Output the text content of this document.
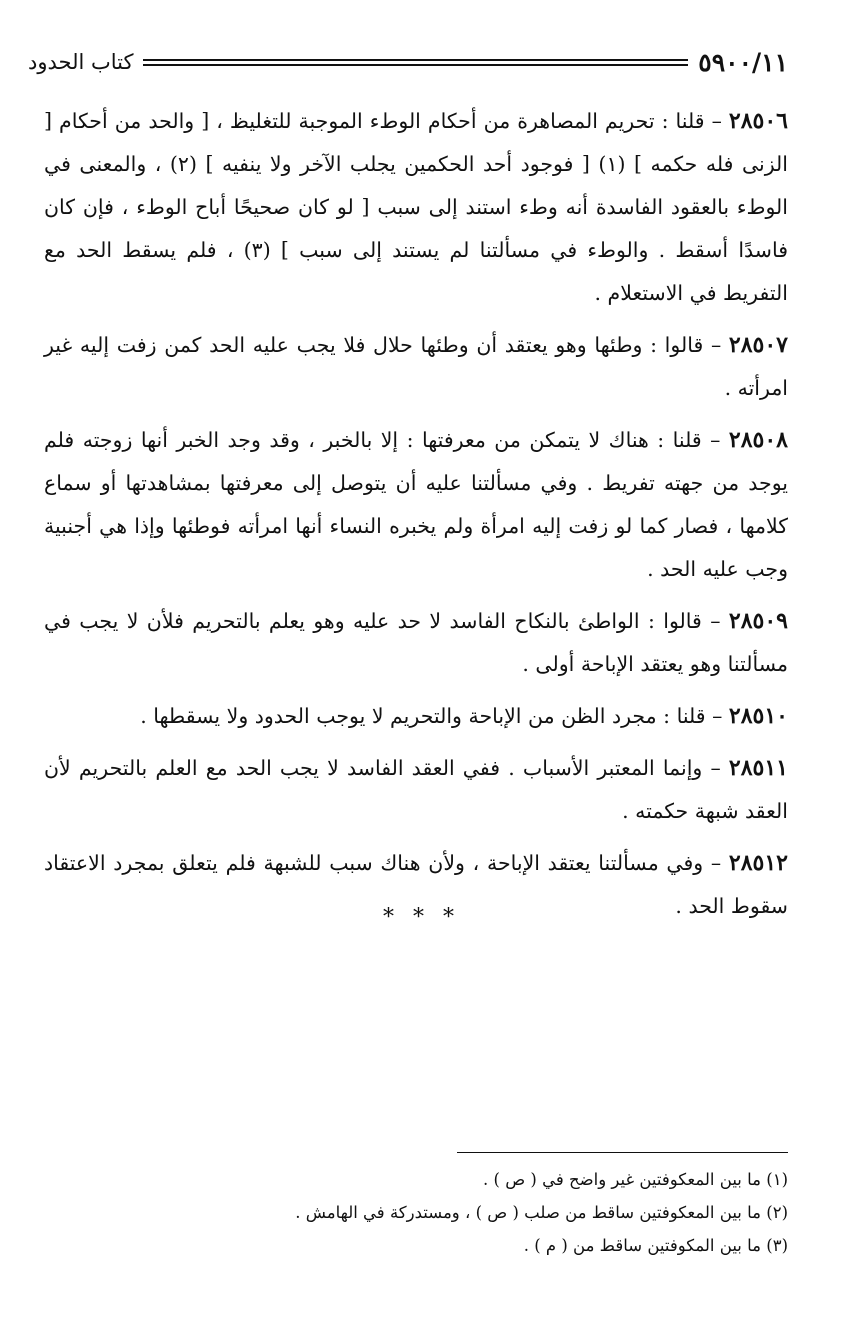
٥٩٠٠/١١
كتاب الحدود

٢٨٥٠٦ – قلنا : تحريم المصاهرة من أحكام الوطء الموجبة للتغليظ ، [ والحد من أحكام [ الزنى فله حكمه ] (١) [ فوجود أحد الحكمين يجلب الآخر ولا ينفيه ] (٢) ، والمعنى في الوطء بالعقود الفاسدة أنه وطء استند إلى سبب [ لو كان صحيحًا أباح الوطء ، فإن كان فاسدًا أسقط . والوطء في مسألتنا لم يستند إلى سبب ] (٣) ، فلم يسقط الحد مع التفريط في الاستعلام .

٢٨٥٠٧ – قالوا : وطئها وهو يعتقد أن وطئها حلال فلا يجب عليه الحد كمن زفت إليه غير امرأته .

٢٨٥٠٨ – قلنا : هناك لا يتمكن من معرفتها : إلا بالخبر ، وقد وجد الخبر أنها زوجته فلم يوجد من جهته تفريط . وفي مسألتنا عليه أن يتوصل إلى معرفتها بمشاهدتها أو سماع كلامها ، فصار كما لو زفت إليه امرأة ولم يخبره النساء أنها امرأته فوطئها وإذا هي أجنبية وجب عليه الحد .

٢٨٥٠٩ – قالوا : الواطئ بالنكاح الفاسد لا حد عليه وهو يعلم بالتحريم فلأن لا يجب في مسألتنا وهو يعتقد الإباحة أولى .

٢٨٥١٠ – قلنا : مجرد الظن من الإباحة والتحريم لا يوجب الحدود ولا يسقطها .

٢٨٥١١ – وإنما المعتبر الأسباب . ففي العقد الفاسد لا يجب الحد مع العلم بالتحريم لأن العقد شبهة حكمته .

٢٨٥١٢ – وفي مسألتنا يعتقد الإباحة ، ولأن هناك سبب للشبهة فلم يتعلق بمجرد الاعتقاد سقوط الحد .

* * *

(١) ما بين المعكوفتين غير واضح في ( ص ) .

(٢) ما بين المعكوفتين ساقط من صلب ( ص ) ، ومستدركة في الهامش .

(٣) ما بين المكوفتين ساقط من ( م ) .
